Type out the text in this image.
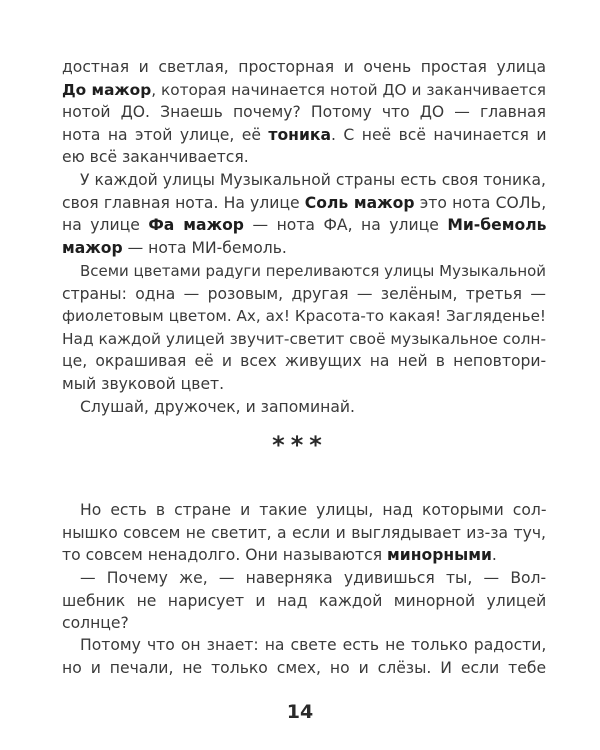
достная и светлая, просторная и очень простая улица
До мажор, которая начинается нотой ДО и заканчивается
нотой ДО. Знаешь почему? Потому что ДО — главная
нота на этой улице, её тоника. С неё всё начинается и
ею всё заканчивается.
У каждой улицы Музыкальной страны есть своя тоника,
своя главная нота. На улице Соль мажор это нота СОЛЬ,
на улице Фа мажор — нота ФА, на улице Ми-бемоль
мажор — нота МИ-бемоль.
Всеми цветами радуги переливаются улицы Музыкальной
страны: одна — розовым, другая — зелёным, третья —
фиолетовым цветом. Ах, ах! Красота-то какая! Загляденье!
Над каждой улицей звучит-светит своё музыкальное солн-
це, окрашивая её и всех живущих на ней в неповтори-
мый звуковой цвет.
Слушай, дружочек, и запоминай.
***
Но есть в стране и такие улицы, над которыми сол-
нышко совсем не светит, а если и выглядывает из-за туч,
то совсем ненадолго. Они называются минорными.
— Почему же, — наверняка удивишься ты, — Вол-
шебник не нарисует и над каждой минорной улицей
солнце?
Потому что он знает: на свете есть не только радости,
но и печали, не только смех, но и слёзы. И если тебе
14
